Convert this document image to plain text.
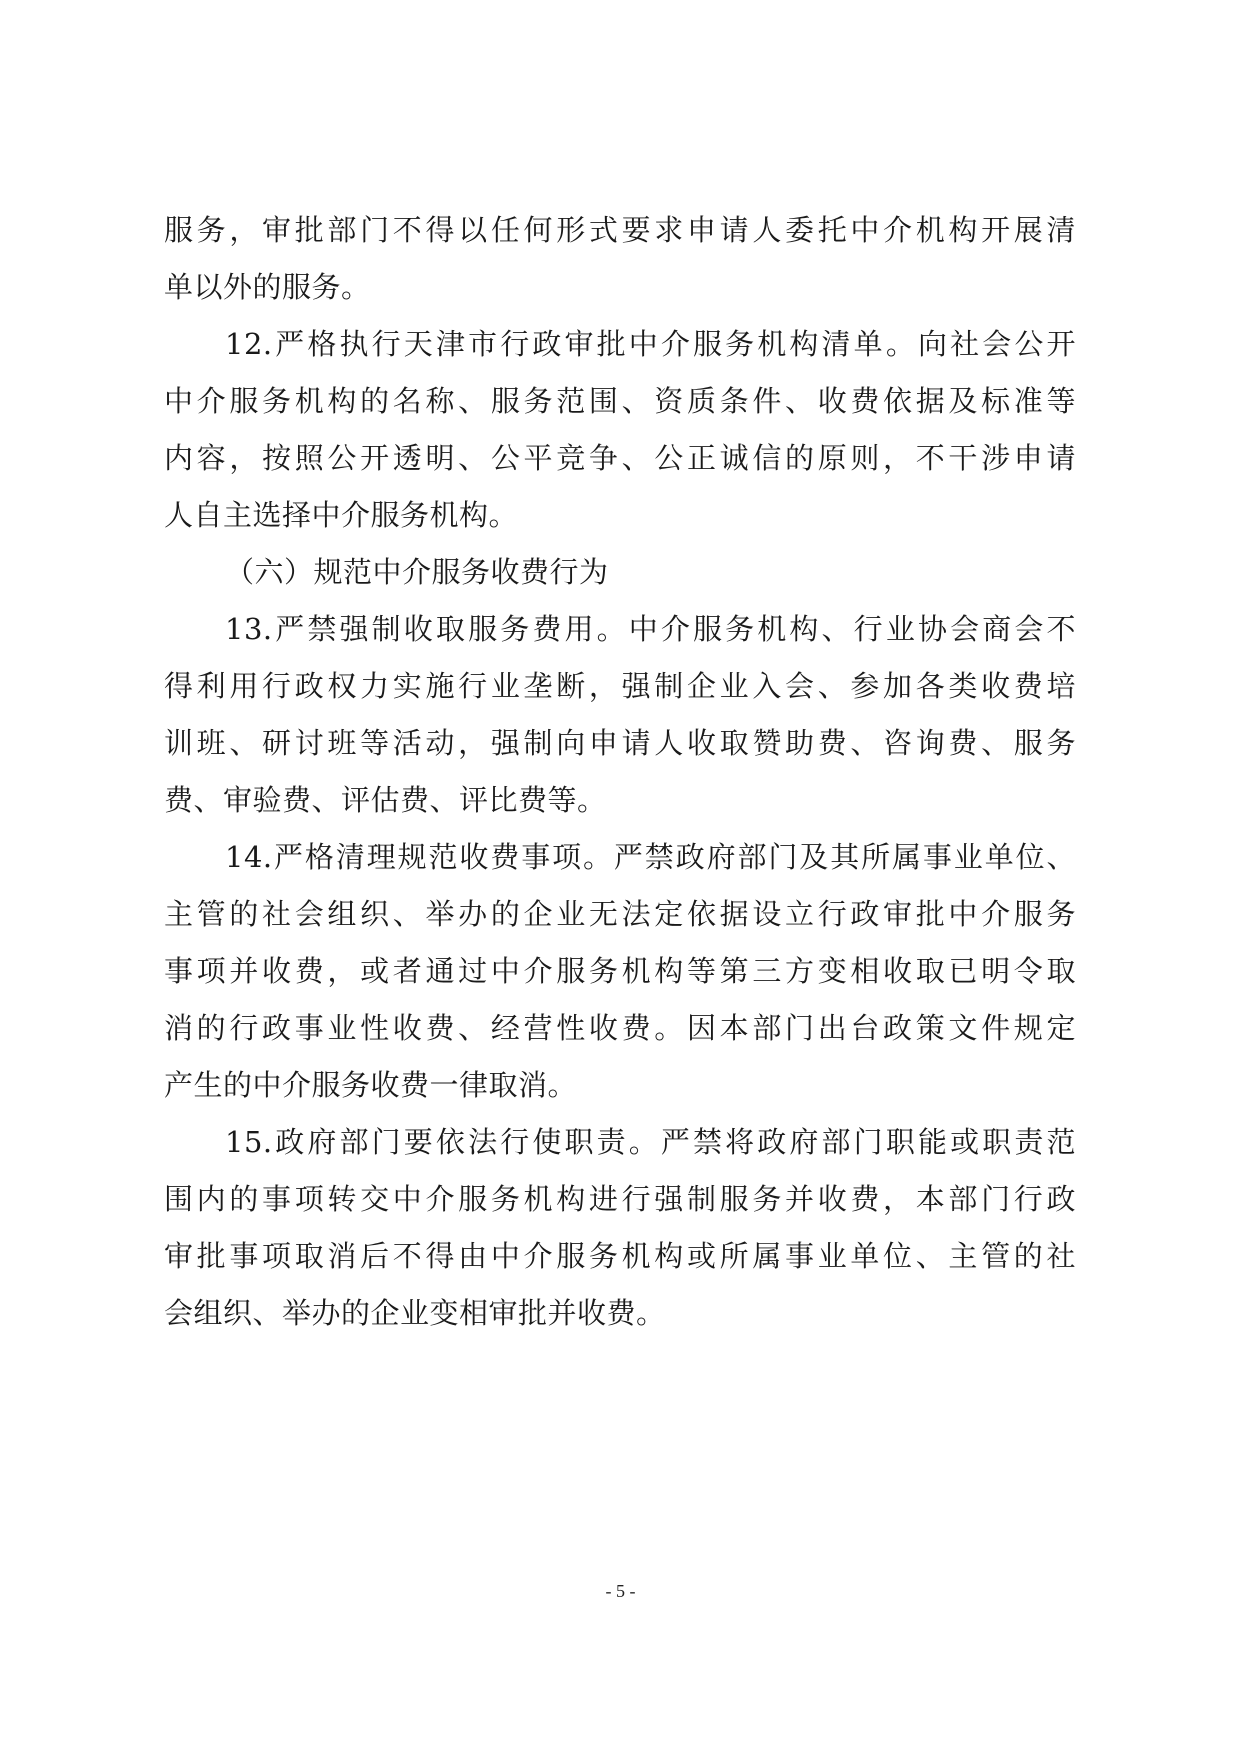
服务，审批部门不得以任何形式要求申请人委托中介机构开展清
单以外的服务。
12.严格执行天津市行政审批中介服务机构清单。向社会公开
中介服务机构的名称、服务范围、资质条件、收费依据及标准等
内容，按照公开透明、公平竞争、公正诚信的原则，不干涉申请
人自主选择中介服务机构。
（六）规范中介服务收费行为
13.严禁强制收取服务费用。中介服务机构、行业协会商会不
得利用行政权力实施行业垄断，强制企业入会、参加各类收费培
训班、研讨班等活动，强制向申请人收取赞助费、咨询费、服务
费、审验费、评估费、评比费等。
14.严格清理规范收费事项。严禁政府部门及其所属事业单位、
主管的社会组织、举办的企业无法定依据设立行政审批中介服务
事项并收费，或者通过中介服务机构等第三方变相收取已明令取
消的行政事业性收费、经营性收费。因本部门出台政策文件规定
产生的中介服务收费一律取消。
15.政府部门要依法行使职责。严禁将政府部门职能或职责范
围内的事项转交中介服务机构进行强制服务并收费，本部门行政
审批事项取消后不得由中介服务机构或所属事业单位、主管的社
会组织、举办的企业变相审批并收费。
- 5 -
